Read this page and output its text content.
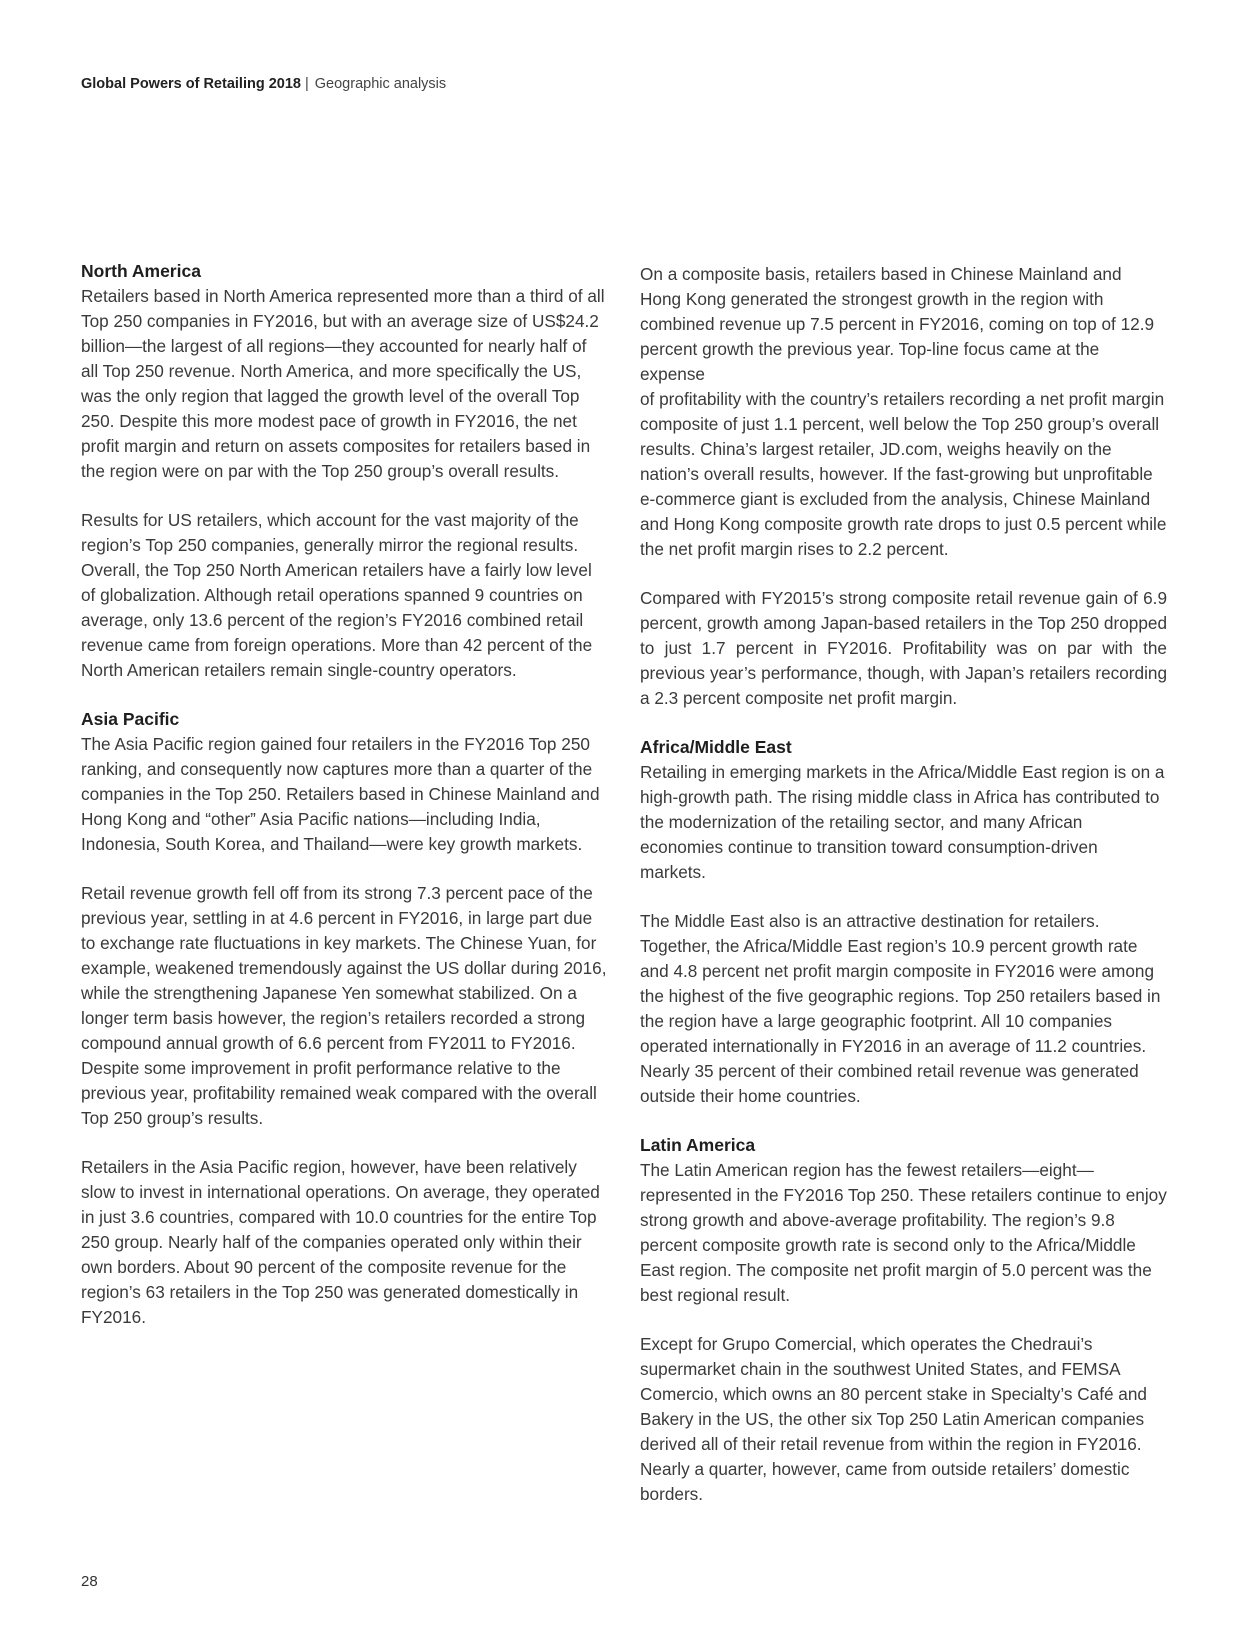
Global Powers of Retailing 2018 | Geographic analysis
North America

Retailers based in North America represented more than a third of all Top 250 companies in FY2016, but with an average size of US$24.2 billion—the largest of all regions—they accounted for nearly half of all Top 250 revenue. North America, and more specifically the US, was the only region that lagged the growth level of the overall Top 250. Despite this more modest pace of growth in FY2016, the net profit margin and return on assets composites for retailers based in the region were on par with the Top 250 group’s overall results.

Results for US retailers, which account for the vast majority of the region’s Top 250 companies, generally mirror the regional results. Overall, the Top 250 North American retailers have a fairly low level of globalization. Although retail operations spanned 9 countries on average, only 13.6 percent of the region’s FY2016 combined retail revenue came from foreign operations. More than 42 percent of the North American retailers remain single-country operators.

Asia Pacific

The Asia Pacific region gained four retailers in the FY2016 Top 250 ranking, and consequently now captures more than a quarter of the companies in the Top 250. Retailers based in Chinese Mainland and Hong Kong and “other” Asia Pacific nations—including India, Indonesia, South Korea, and Thailand—were key growth markets.

Retail revenue growth fell off from its strong 7.3 percent pace of the previous year, settling in at 4.6 percent in FY2016, in large part due to exchange rate fluctuations in key markets. The Chinese Yuan, for example, weakened tremendously against the US dollar during 2016, while the strengthening Japanese Yen somewhat stabilized. On a longer term basis however, the region’s retailers recorded a strong compound annual growth of 6.6 percent from FY2011 to FY2016. Despite some improvement in profit performance relative to the previous year, profitability remained weak compared with the overall Top 250 group’s results.

Retailers in the Asia Pacific region, however, have been relatively slow to invest in international operations. On average, they operated in just 3.6 countries, compared with 10.0 countries for the entire Top 250 group. Nearly half of the companies operated only within their own borders. About 90 percent of the composite revenue for the region’s 63 retailers in the Top 250 was generated domestically in FY2016.

On a composite basis, retailers based in Chinese Mainland and Hong Kong generated the strongest growth in the region with combined revenue up 7.5 percent in FY2016, coming on top of 12.9 percent growth the previous year. Top-line focus came at the expense

of profitability with the country’s retailers recording a net profit margin composite of just 1.1 percent, well below the Top 250 group’s overall results. China’s largest retailer, JD.com, weighs heavily on the nation’s overall results, however. If the fast-growing but unprofitable e-commerce giant is excluded from the analysis, Chinese Mainland and Hong Kong composite growth rate drops to just 0.5 percent while the net profit margin rises to 2.2 percent.

Compared with FY2015’s strong composite retail revenue gain of 6.9 percent, growth among Japan-based retailers in the Top 250 dropped to just 1.7 percent in FY2016. Profitability was on par with the previous year’s performance, though, with Japan’s retailers recording a 2.3 percent composite net profit margin.

Africa/Middle East

Retailing in emerging markets in the Africa/Middle East region is on a high-growth path. The rising middle class in Africa has contributed to the modernization of the retailing sector, and many African economies continue to transition toward consumption-driven markets.

The Middle East also is an attractive destination for retailers. Together, the Africa/Middle East region’s 10.9 percent growth rate and 4.8 percent net profit margin composite in FY2016 were among the highest of the five geographic regions. Top 250 retailers based in the region have a large geographic footprint. All 10 companies operated internationally in FY2016 in an average of 11.2 countries. Nearly 35 percent of their combined retail revenue was generated outside their home countries.

Latin America

The Latin American region has the fewest retailers—eight—represented in the FY2016 Top 250. These retailers continue to enjoy strong growth and above-average profitability. The region’s 9.8 percent composite growth rate is second only to the Africa/Middle East region. The composite net profit margin of 5.0 percent was the best regional result.

Except for Grupo Comercial, which operates the Chedraui’s supermarket chain in the southwest United States, and FEMSA Comercio, which owns an 80 percent stake in Specialty’s Café and Bakery in the US, the other six Top 250 Latin American companies derived all of their retail revenue from within the region in FY2016. Nearly a quarter, however, came from outside retailers’ domestic borders.

28
